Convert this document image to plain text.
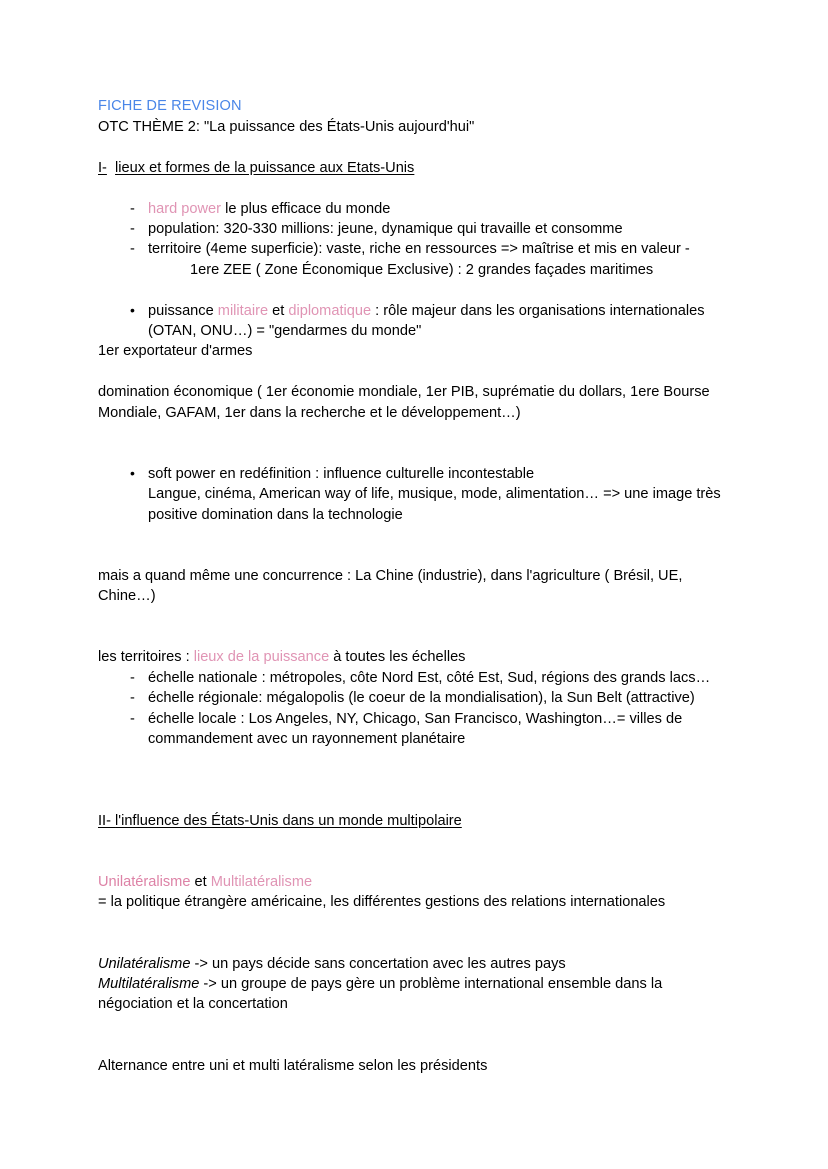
FICHE DE REVISION
OTC THÈME 2: "La puissance des États-Unis aujourd'hui"

I- lieux et formes de la puissance aux Etats-Unis

- hard power le plus efficace du monde
- population: 320-330 millions: jeune, dynamique qui travaille et consomme
- territoire (4eme superficie): vaste, riche en ressources => maîtrise et mis en valeur -
1ere ZEE ( Zone Économique Exclusive) : 2 grandes façades maritimes

• puissance militaire et diplomatique : rôle majeur dans les organisations internationales (OTAN, ONU…) = "gendarmes du monde"
1er exportateur d'armes

domination économique ( 1er économie mondiale, 1er PIB, suprématie du dollars, 1ere Bourse Mondiale, GAFAM, 1er dans la recherche et le développement…)

• soft power en redéfinition : influence culturelle incontestable
Langue, cinéma, American way of life, musique, mode, alimentation… => une image très positive domination dans la technologie

mais a quand même une concurrence : La Chine (industrie), dans l'agriculture ( Brésil, UE, Chine…)

les territoires : lieux de la puissance à toutes les échelles
- échelle nationale : métropoles, côte Nord Est, côté Est, Sud, régions des grands lacs…
- échelle régionale: mégalopolis (le coeur de la mondialisation), la Sun Belt (attractive)
- échelle locale : Los Angeles, NY, Chicago, San Francisco, Washington…= villes de commandement avec un rayonnement planétaire

II- l'influence des États-Unis dans un monde multipolaire

Unilatéralisme et Multilatéralisme
= la politique étrangère américaine, les différentes gestions des relations internationales

Unilatéralisme -> un pays décide sans concertation avec les autres pays
Multilatéralisme -> un groupe de pays gère un problème international ensemble dans la négociation et la concertation

Alternance entre uni et multi latéralisme selon les présidents
